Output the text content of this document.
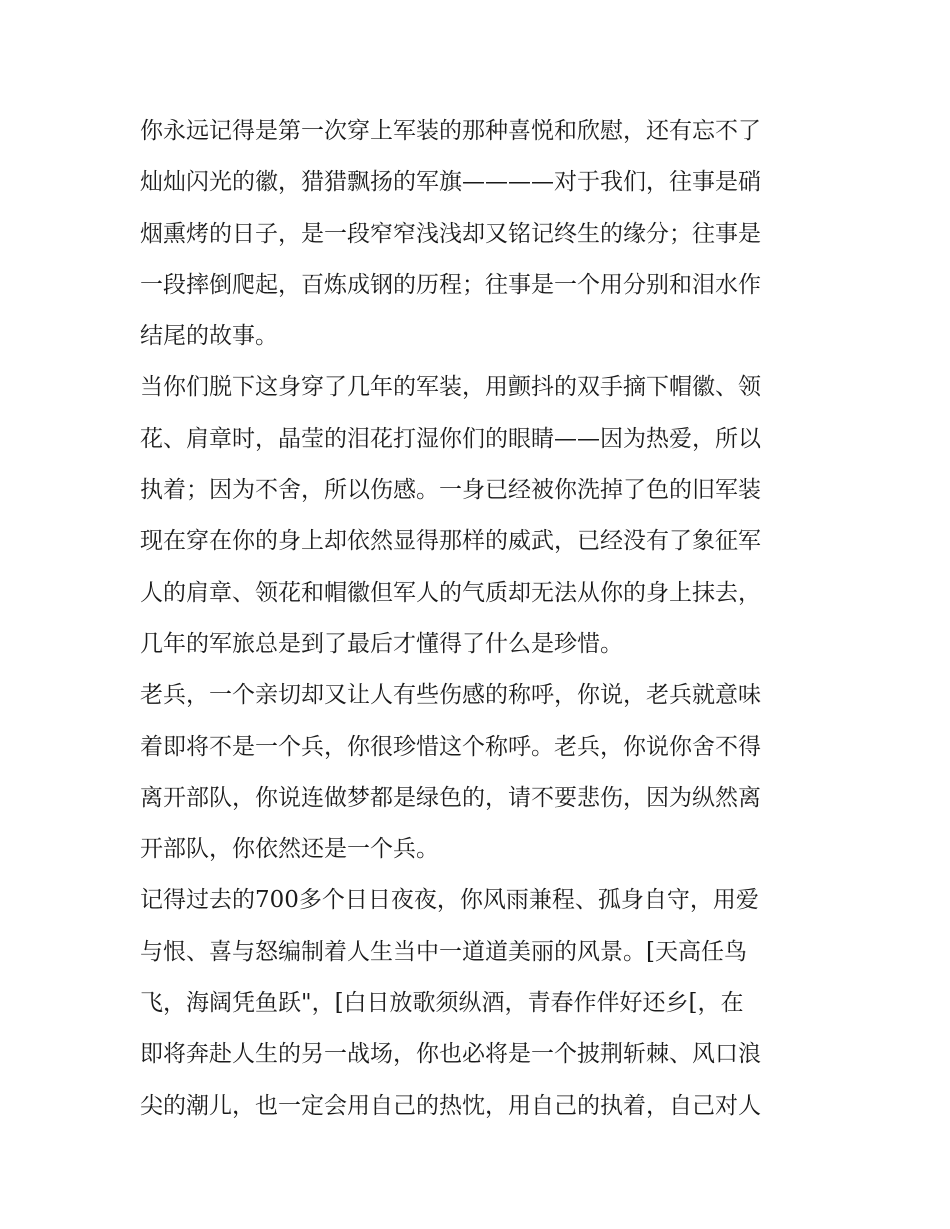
你永远记得是第一次穿上军装的那种喜悦和欣慰，还有忘不了
灿灿闪光的徽，猎猎飘扬的军旗————对于我们，往事是硝
烟熏烤的日子，是一段窄窄浅浅却又铭记终生的缘分；往事是
一段摔倒爬起，百炼成钢的历程；往事是一个用分别和泪水作
结尾的故事。

当你们脱下这身穿了几年的军装，用颤抖的双手摘下帽徽、领
花、肩章时，晶莹的泪花打湿你们的眼睛——因为热爱，所以
执着；因为不舍，所以伤感。一身已经被你洗掉了色的旧军装
现在穿在你的身上却依然显得那样的威武，已经没有了象征军
人的肩章、领花和帽徽但军人的气质却无法从你的身上抹去，
几年的军旅总是到了最后才懂得了什么是珍惜。

老兵，一个亲切却又让人有些伤感的称呼，你说，老兵就意味
着即将不是一个兵，你很珍惜这个称呼。老兵，你说你舍不得
离开部队，你说连做梦都是绿色的，请不要悲伤，因为纵然离
开部队，你依然还是一个兵。

记得过去的700多个日日夜夜，你风雨兼程、孤身自守，用爱
与恨、喜与怒编制着人生当中一道道美丽的风景。[天高任鸟
飞，海阔凭鱼跃"，[白日放歌须纵酒，青春作伴好还乡[，在
即将奔赴人生的另一战场，你也必将是一个披荆斩棘、风口浪
尖的潮儿，也一定会用自己的热忱，用自己的执着，自己对人
